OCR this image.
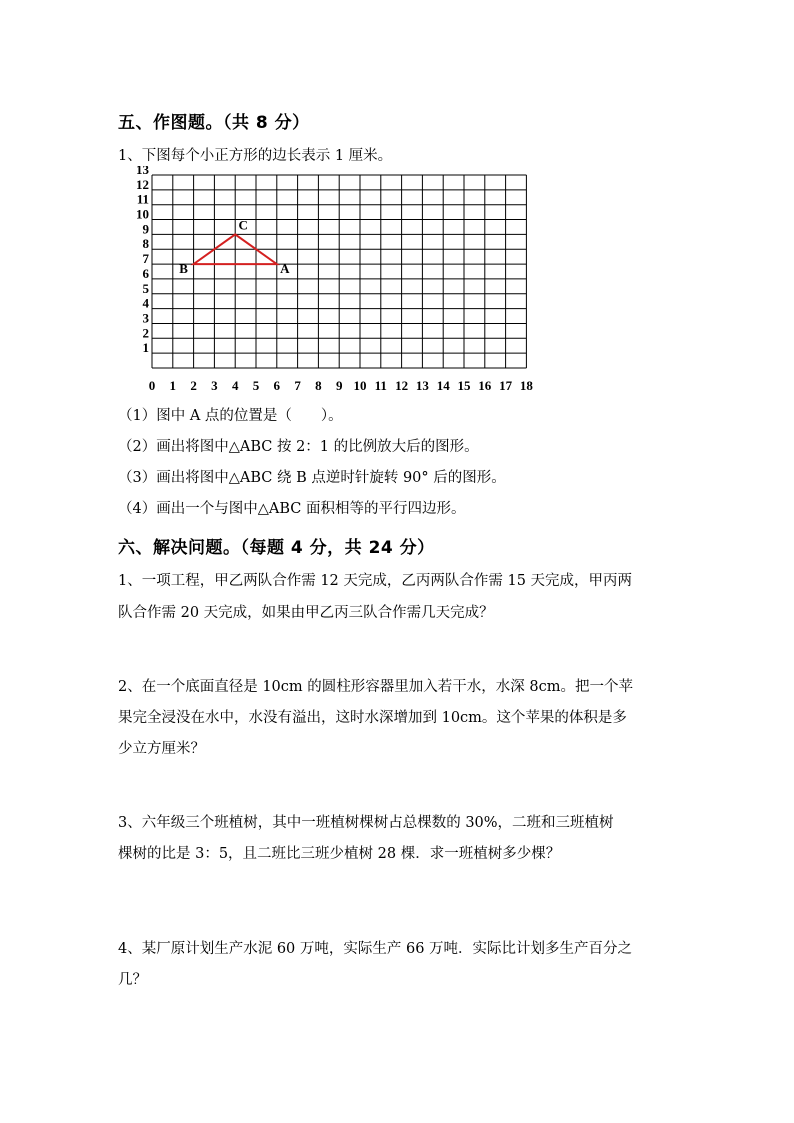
五、作图题。（共 8 分）
1、下图每个小正方形的边长表示 1 厘米。
0 1 2 3 4 5 6 7 8 9 10 11 12 13 14 15 16 17 18
1
2
3
4
5
6
7
8
9
10
11
12
13
A
B
C
（1）图中 A 点的位置是（　　）。
（2）画出将图中△ABC 按 2：1 的比例放大后的图形。
（3）画出将图中△ABC 绕 B 点逆时针旋转 90° 后的图形。
（4）画出一个与图中△ABC 面积相等的平行四边形。
六、解决问题。（每题 4 分，共 24 分）
1、一项工程，甲乙两队合作需 12 天完成，乙丙两队合作需 15 天完成，甲丙两
队合作需 20 天完成，如果由甲乙丙三队合作需几天完成？
2、在一个底面直径是 10cm 的圆柱形容器里加入若干水，水深 8cm。把一个苹
果完全浸没在水中，水没有溢出，这时水深增加到 10cm。这个苹果的体积是多
少立方厘米？
3、六年级三个班植树，其中一班植树棵树占总棵数的 30%，二班和三班植树
棵树的比是 3：5，且二班比三班少植树 28 棵．求一班植树多少棵？
4、某厂原计划生产水泥 60 万吨，实际生产 66 万吨．实际比计划多生产百分之
几？
